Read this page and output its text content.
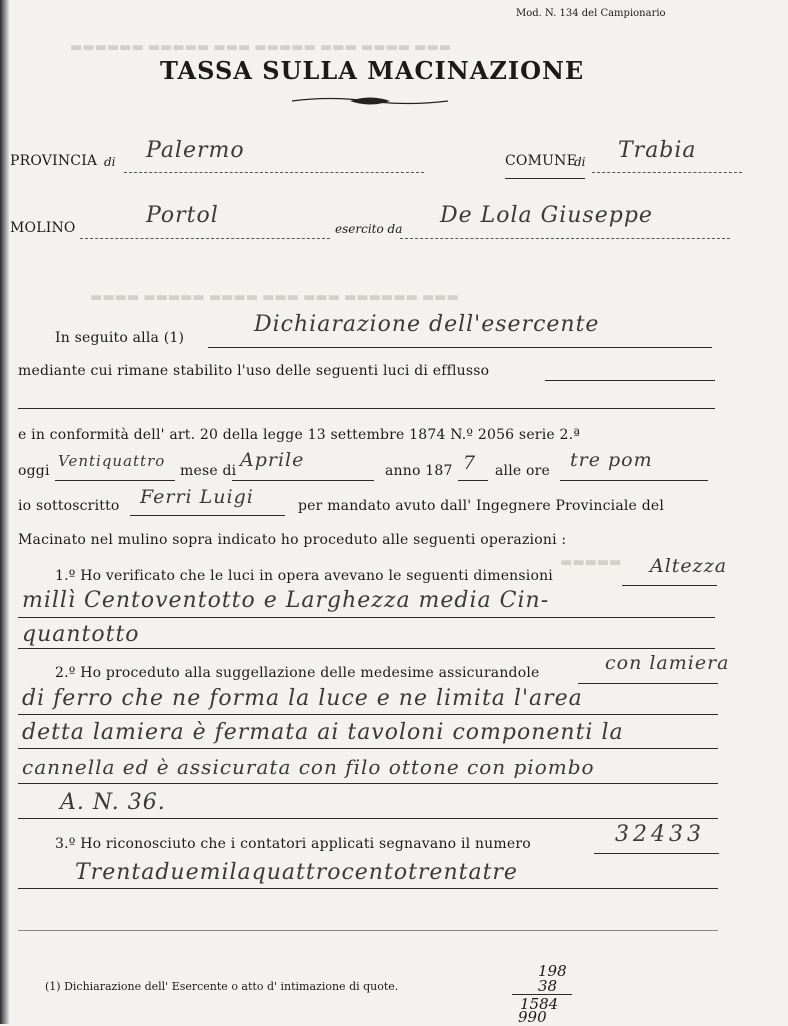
▬▬▬ ▬▬▬▬ ▬▬▬ ▬▬▬▬▬ ▬▬▬ ▬▬▬▬▬ ▬▬▬▬▬▬
▬▬▬ ▬▬▬▬▬▬ ▬▬▬ ▬▬▬ ▬▬▬▬ ▬▬▬▬▬ ▬▬▬▬
▬▬▬▬▬
Mod. N. 134 del Campionario
TASSA SULLA MACINAZIONE
PROVINCIA di Palermo	COMUNE
di Trabia
MOLINO	Portol
esercito da
De Lola Giuseppe
In seguito alla (1)
Dichiarazione dell'esercente
mediante cui rimane stabilito l'uso delle seguenti luci di efflusso
e in conformità dell' art. 20 della legge 13 settembre 1874 N.º 2056 serie 2.ª
oggi
Ventiquattro
mese di Aprile	anno 187 7 alle ore tre pom
io sottoscritto Ferri Luigi	per mandato avuto dall' Ingegnere Provinciale del
Macinato nel mulino sopra indicato ho proceduto alle seguenti operazioni :
1.º Ho verificato che le luci in opera avevano le seguenti dimensioni	Altezza
millì Centoventotto e Larghezza media Cin-
quantotto
2.º Ho proceduto alla suggellazione delle medesime assicurandole	con lamiera
di ferro che ne forma la luce e ne limita l'area
detta lamiera è fermata ai tavoloni componenti la
cannella ed è assicurata con filo ottone con piombo
A. N. 36.
3.º Ho riconosciuto che i contatori applicati segnavano il numero	32433
Trentaduemilaquattrocentotrentatre
(1) Dichiarazione dell' Esercente o atto d' intimazione di quote.
198
38
1584
990
